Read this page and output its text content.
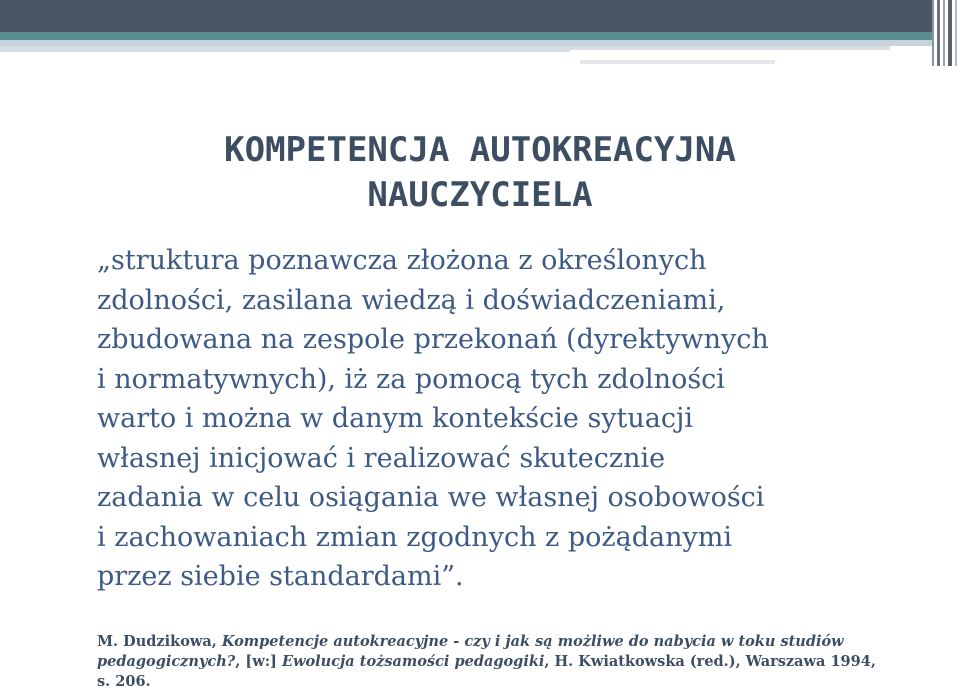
KOMPETENCJA AUTOKREACYJNA
NAUCZYCIELA
„struktura poznawcza złożona z określonych
zdolności, zasilana wiedzą i doświadczeniami,
zbudowana na zespole przekonań (dyrektywnych
i normatywnych), iż za pomocą tych zdolności
warto i można w danym kontekście sytuacji
własnej inicjować i realizować skutecznie
zadania w celu osiągania we własnej osobowości
i zachowaniach zmian zgodnych z pożądanymi
przez siebie standardami”.
M. Dudzikowa, Kompetencje autokreacyjne - czy i jak są możliwe do nabycia w toku studiów
pedagogicznych?, [w:] Ewolucja tożsamości pedagogiki, H. Kwiatkowska (red.), Warszawa 1994,
s. 206.
